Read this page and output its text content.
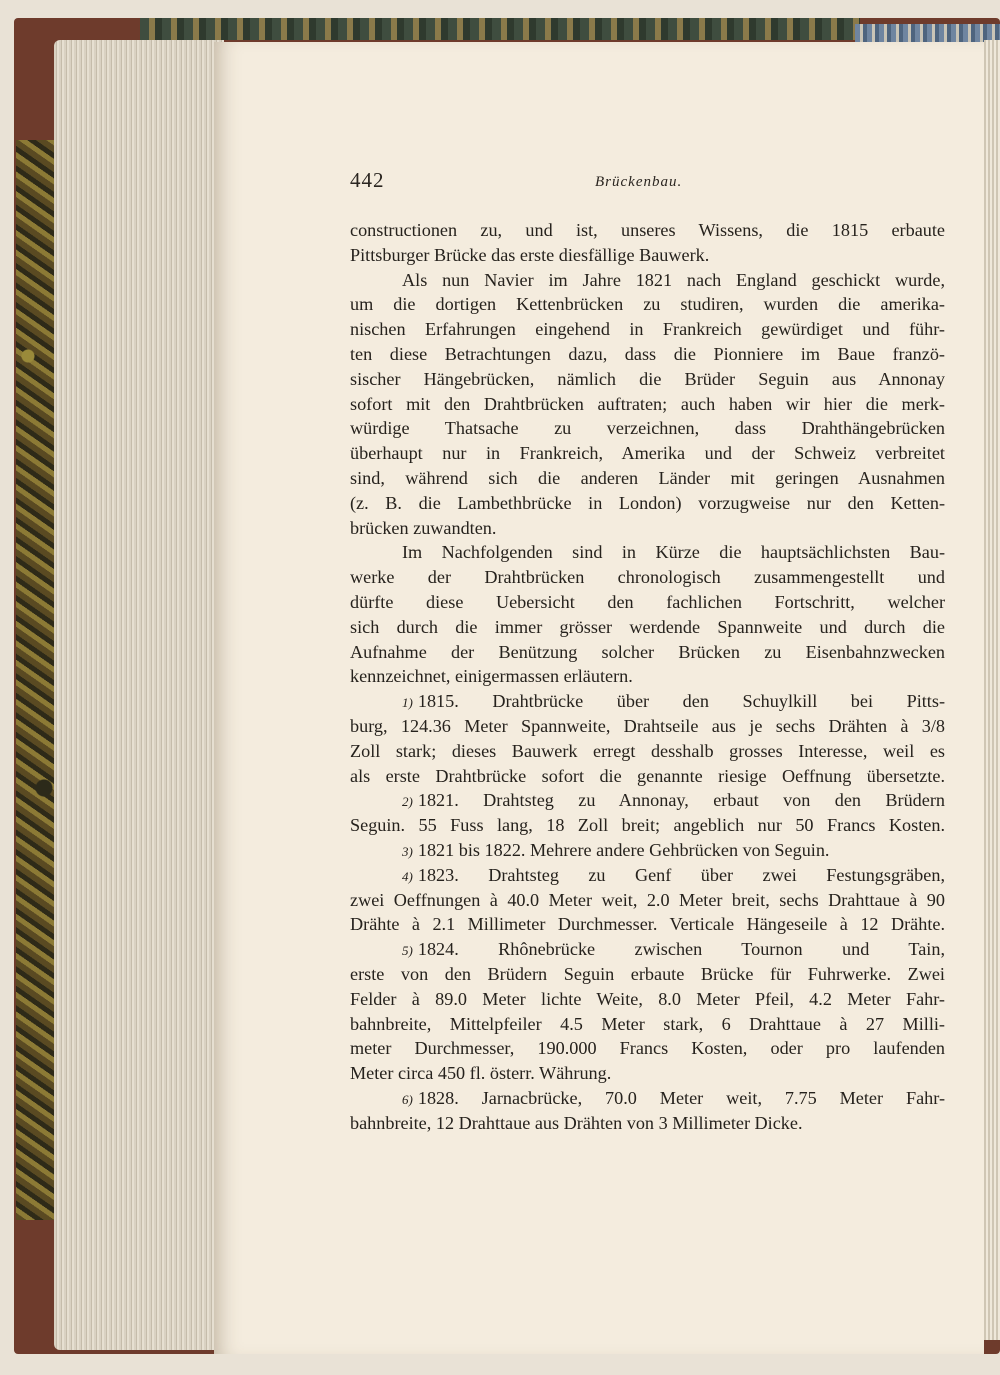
442	Brückenbau.
constructionen zu, und ist, unseres Wissens, die 1815 erbaute
Pittsburger Brücke das erste diesfällige Bauwerk.
Als nun Navier im Jahre 1821 nach England geschickt wurde,
um die dortigen Kettenbrücken zu studiren, wurden die amerika-
nischen Erfahrungen eingehend in Frankreich gewürdiget und führ-
ten diese Betrachtungen dazu, dass die Pionniere im Baue franzö-
sischer Hängebrücken, nämlich die Brüder Seguin aus Annonay
sofort mit den Drahtbrücken auftraten; auch haben wir hier die merk-
würdige Thatsache zu verzeichnen, dass Drahthängebrücken
überhaupt nur in Frankreich, Amerika und der Schweiz verbreitet
sind, während sich die anderen Länder mit geringen Ausnahmen
(z. B. die Lambethbrücke in London) vorzugweise nur den Ketten-
brücken zuwandten.
Im Nachfolgenden sind in Kürze die hauptsächlichsten Bau-
werke der Drahtbrücken chronologisch zusammengestellt und
dürfte diese Uebersicht den fachlichen Fortschritt, welcher
sich durch die immer grösser werdende Spannweite und durch die
Aufnahme der Benützung solcher Brücken zu Eisenbahnzwecken
kennzeichnet, einigermassen erläutern.
1) 1815. Drahtbrücke über den Schuylkill bei Pitts-
burg, 124.36 Meter Spannweite, Drahtseile aus je sechs Drähten à 3/8
Zoll stark; dieses Bauwerk erregt desshalb grosses Interesse, weil es
als erste Drahtbrücke sofort die genannte riesige Oeffnung übersetzte.
2) 1821. Drahtsteg zu Annonay, erbaut von den Brüdern
Seguin. 55 Fuss lang, 18 Zoll breit; angeblich nur 50 Francs Kosten.
3) 1821 bis 1822. Mehrere andere Gehbrücken von Seguin.
4) 1823. Drahtsteg zu Genf über zwei Festungsgräben,
zwei Oeffnungen à 40.0 Meter weit, 2.0 Meter breit, sechs Drahttaue à 90
Drähte à 2.1 Millimeter Durchmesser. Verticale Hängeseile à 12 Drähte.
5) 1824. Rhônebrücke zwischen Tournon und Tain,
erste von den Brüdern Seguin erbaute Brücke für Fuhrwerke. Zwei
Felder à 89.0 Meter lichte Weite, 8.0 Meter Pfeil, 4.2 Meter Fahr-
bahnbreite, Mittelpfeiler 4.5 Meter stark, 6 Drahttaue à 27 Milli-
meter Durchmesser, 190.000 Francs Kosten, oder pro laufenden
Meter circa 450 fl. österr. Währung.
6) 1828. Jarnacbrücke, 70.0 Meter weit, 7.75 Meter Fahr-
bahnbreite, 12 Drahttaue aus Drähten von 3 Millimeter Dicke.
